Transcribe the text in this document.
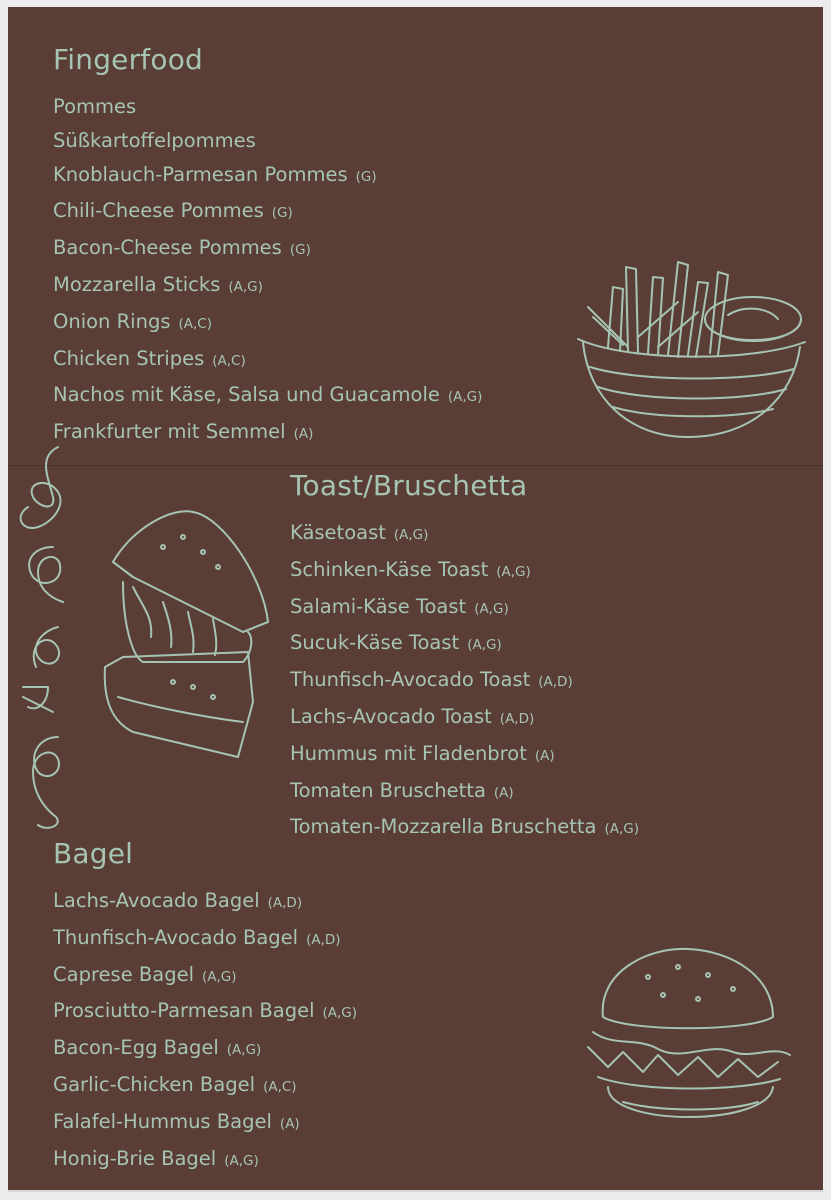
Fingerfood
Pommes
Süßkartoffelpommes
Knoblauch-Parmesan Pommes (G)
Chili-Cheese Pommes (G)
Bacon-Cheese Pommes (G)
Mozzarella Sticks (A,G)
Onion Rings (A,C)
Chicken Stripes (A,C)
Nachos mit Käse, Salsa und Guacamole (A,G)
Frankfurter mit Semmel (A)
Toast/Bruschetta
Käsetoast (A,G)
Schinken-Käse Toast (A,G)
Salami-Käse Toast (A,G)
Sucuk-Käse Toast (A,G)
Thunfisch-Avocado Toast (A,D)
Lachs-Avocado Toast (A,D)
Hummus mit Fladenbrot (A)
Tomaten Bruschetta (A)
Tomaten-Mozzarella Bruschetta (A,G)
Bagel
Lachs-Avocado Bagel (A,D)
Thunfisch-Avocado Bagel (A,D)
Caprese Bagel (A,G)
Prosciutto-Parmesan Bagel (A,G)
Bacon-Egg Bagel (A,G)
Garlic-Chicken Bagel (A,C)
Falafel-Hummus Bagel (A)
Honig-Brie Bagel (A,G)
